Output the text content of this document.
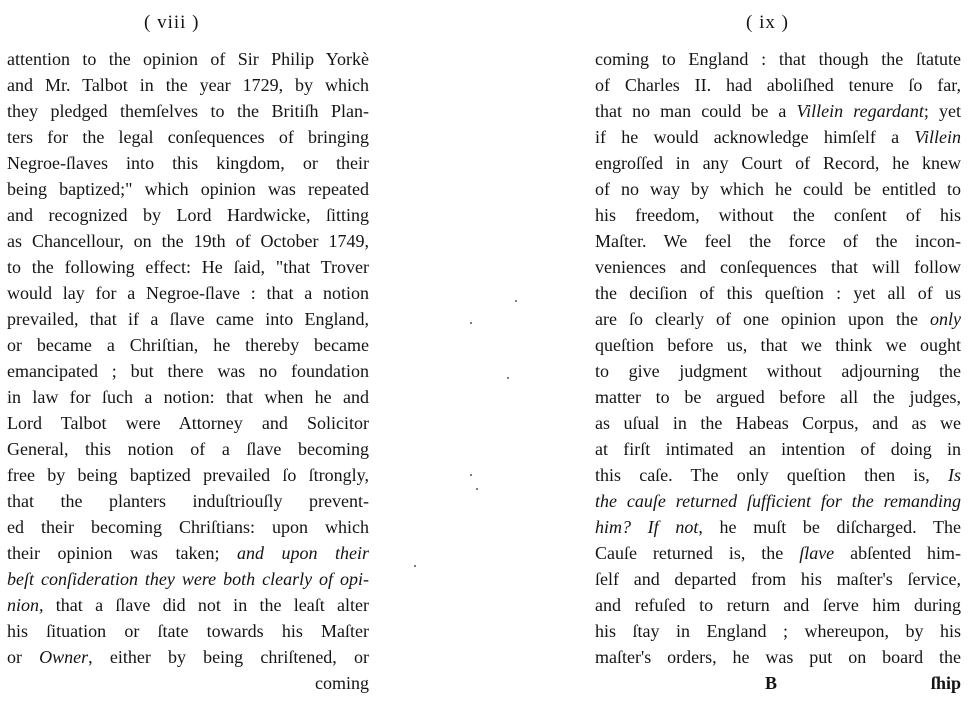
( viii )
attention to the opinion of Sir Philip Yorkè
and Mr. Talbot in the year 1729, by which
they pledged themſelves to the Britiſh Plan-
ters for the legal conſequences of bringing
Negroe-ſlaves into this kingdom, or their
being baptized;" which opinion was repeated
and recognized by Lord Hardwicke, ſitting
as Chancellour, on the 19th of October 1749,
to the following effect: He ſaid, "that Trover
would lay for a Negroe-ſlave : that a notion
prevailed, that if a ſlave came into England,
or became a Chriſtian, he thereby became
emancipated ; but there was no foundation
in law for ſuch a notion: that when he and
Lord Talbot were Attorney and Solicitor
General, this notion of a ſlave becoming
free by being baptized prevailed ſo ſtrongly,
that the planters induſtriouſly prevent-
ed their becoming Chriſtians: upon which
their opinion was taken; and upon their
beſt conſideration they were both clearly of opi-
nion, that a ſlave did not in the leaſt alter
his ſituation or ſtate towards his Maſter
or Owner, either by being chriſtened, or
coming
( ix )
coming to England : that though the ſtatute
of Charles II. had aboliſhed tenure ſo far,
that no man could be a Villein regardant; yet
if he would acknowledge himſelf a Villein
engroſſed in any Court of Record, he knew
of no way by which he could be entitled to
his freedom, without the conſent of his
Maſter. We feel the force of the incon-
veniences and conſequences that will follow
the deciſion of this queſtion : yet all of us
are ſo clearly of one opinion upon the only
queſtion before us, that we think we ought
to give judgment without adjourning the
matter to be argued before all the judges,
as uſual in the Habeas Corpus, and as we
at firſt intimated an intention of doing in
this caſe. The only queſtion then is, Is
the cauſe returned ſufficient for the remanding
him? If not, he muſt be diſcharged. The
Cauſe returned is, the ſlave abſented him-
ſelf and departed from his maſter's ſervice,
and refuſed to return and ſerve him during
his ſtay in England ; whereupon, by his
maſter's orders, he was put on board the
B	ſhip
